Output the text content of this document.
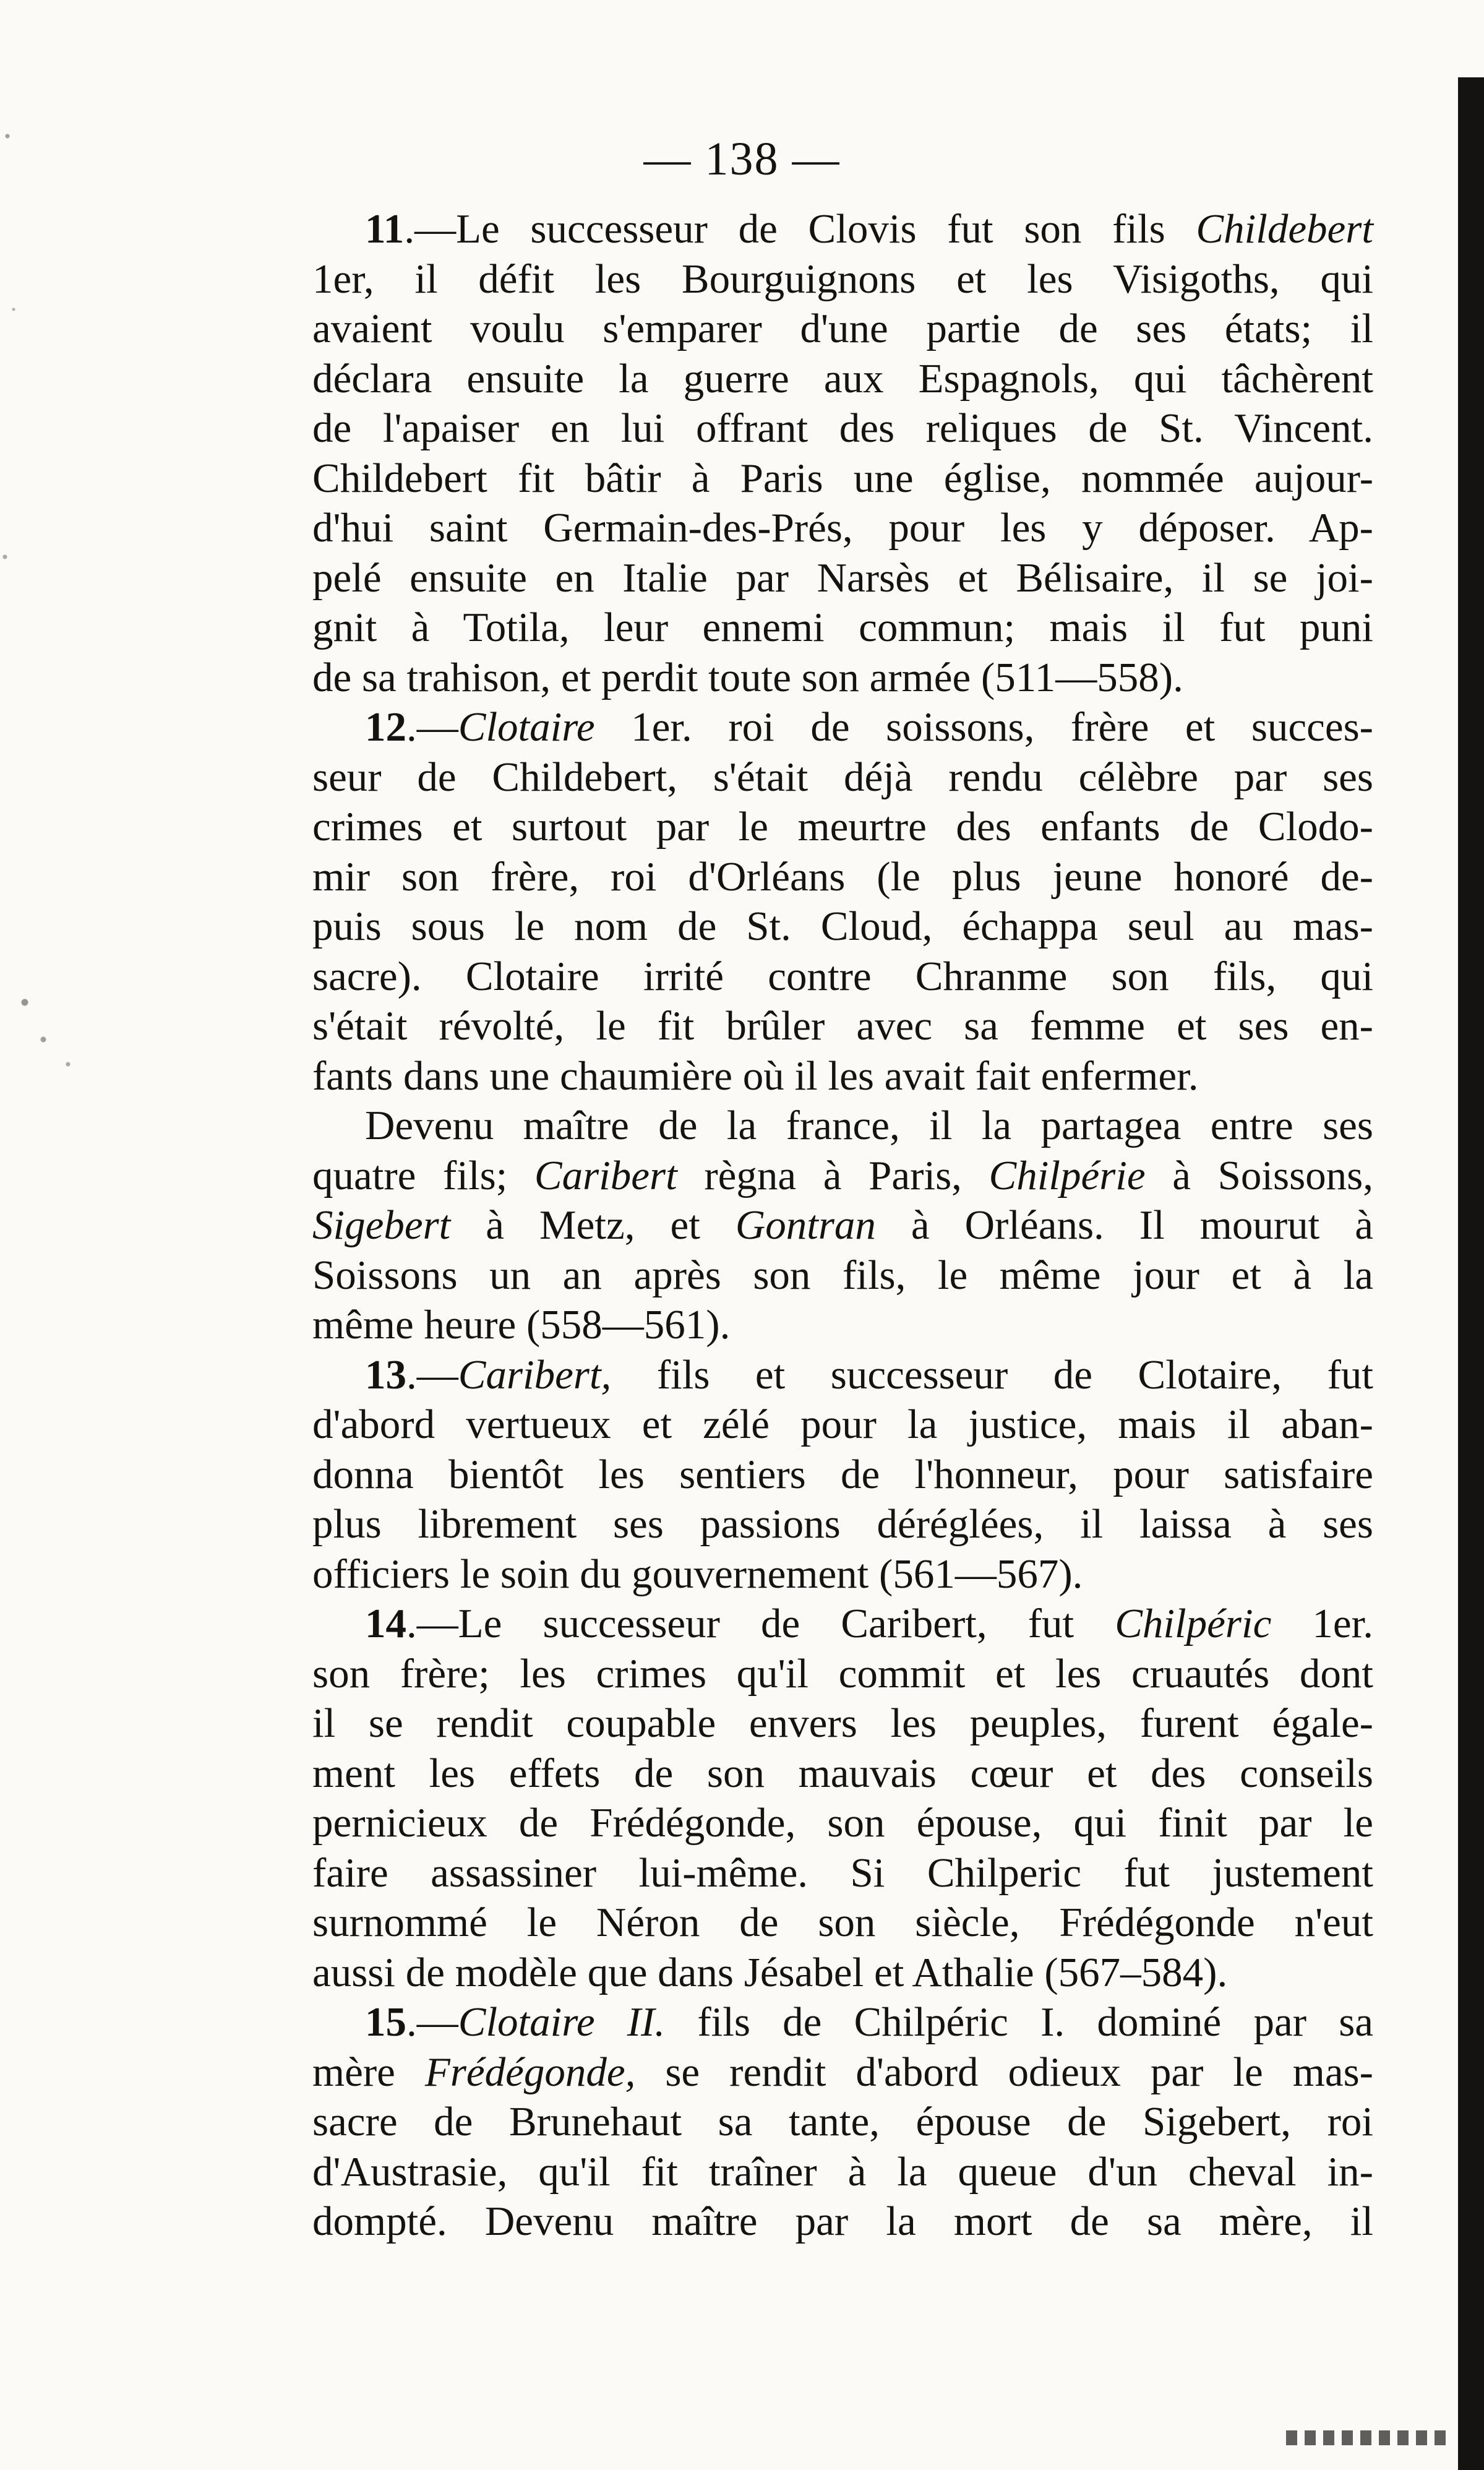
— 138 —
11.—Le successeur de Clovis fut son fils Childebert
1er, il défit les Bourguignons et les Visigoths, qui
avaient voulu s'emparer d'une partie de ses états; il
déclara ensuite la guerre aux Espagnols, qui tâchèrent
de l'apaiser en lui offrant des reliques de St. Vincent.
Childebert fit bâtir à Paris une église, nommée aujour-
d'hui saint Germain-des-Prés, pour les y déposer. Ap-
pelé ensuite en Italie par Narsès et Bélisaire, il se joi-
gnit à Totila, leur ennemi commun; mais il fut puni
de sa trahison, et perdit toute son armée (511—558).
12.—Clotaire 1er. roi de soissons, frère et succes-
seur de Childebert, s'était déjà rendu célèbre par ses
crimes et surtout par le meurtre des enfants de Clodo-
mir son frère, roi d'Orléans (le plus jeune honoré de-
puis sous le nom de St. Cloud, échappa seul au mas-
sacre). Clotaire irrité contre Chranme son fils, qui
s'était révolté, le fit brûler avec sa femme et ses en-
fants dans une chaumière où il les avait fait enfermer.
Devenu maître de la france, il la partagea entre ses
quatre fils; Caribert règna à Paris, Chilpérie à Soissons,
Sigebert à Metz, et Gontran à Orléans. Il mourut à
Soissons un an après son fils, le même jour et à la
même heure (558—561).
13.—Caribert, fils et successeur de Clotaire, fut
d'abord vertueux et zélé pour la justice, mais il aban-
donna bientôt les sentiers de l'honneur, pour satisfaire
plus librement ses passions déréglées, il laissa à ses
officiers le soin du gouvernement (561—567).
14.—Le successeur de Caribert, fut Chilpéric 1er.
son frère; les crimes qu'il commit et les cruautés dont
il se rendit coupable envers les peuples, furent égale-
ment les effets de son mauvais cœur et des conseils
pernicieux de Frédégonde, son épouse, qui finit par le
faire assassiner lui-même. Si Chilperic fut justement
surnommé le Néron de son siècle, Frédégonde n'eut
aussi de modèle que dans Jésabel et Athalie (567–584).
15.—Clotaire II. fils de Chilpéric I. dominé par sa
mère Frédégonde, se rendit d'abord odieux par le mas-
sacre de Brunehaut sa tante, épouse de Sigebert, roi
d'Austrasie, qu'il fit traîner à la queue d'un cheval in-
dompté. Devenu maître par la mort de sa mère, il
